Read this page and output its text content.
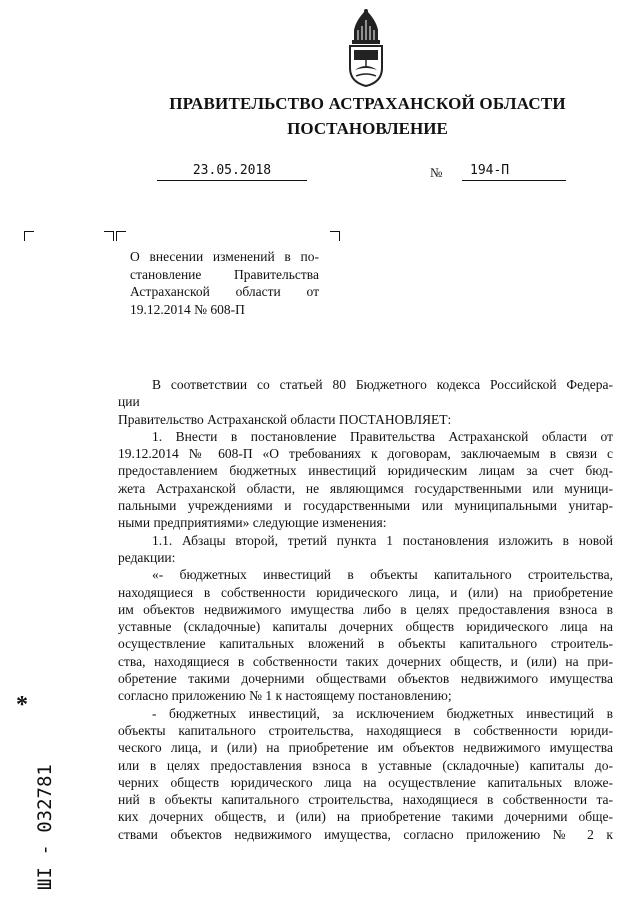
ПРАВИТЕЛЬСТВО АСТРАХАНСКОЙ ОБЛАСТИ
ПОСТАНОВЛЕНИЕ
23.05.2018	№	194-П

О внесении изменений в по-
становление Правительства
Астраханской области от
19.12.2014 № 608-П

В соответствии со статьей 80 Бюджетного кодекса Российской Федера-
ции
Правительство Астраханской области ПОСТАНОВЛЯЕТ:
1. Внести в постановление Правительства Астраханской области от
19.12.2014 № 608-П «О требованиях к договорам, заключаемым в связи с
предоставлением бюджетных инвестиций юридическим лицам за счет бюд-
жета Астраханской области, не являющимся государственными или муници-
пальными учреждениями и государственными или муниципальными унитар-
ными предприятиями» следующие изменения:
1.1. Абзацы второй, третий пункта 1 постановления изложить в новой
редакции:
«- бюджетных инвестиций в объекты капитального строительства,
находящиеся в собственности юридического лица, и (или) на приобретение
им объектов недвижимого имущества либо в целях предоставления взноса в
уставные (складочные) капиталы дочерних обществ юридического лица на
осуществление капитальных вложений в объекты капитального строитель-
ства, находящиеся в собственности таких дочерних обществ, и (или) на при-
обретение такими дочерними обществами объектов недвижимого имущества
согласно приложению № 1 к настоящему постановлению;
- бюджетных инвестиций, за исключением бюджетных инвестиций в
объекты капитального строительства, находящиеся в собственности юриди-
ческого лица, и (или) на приобретение им объектов недвижимого имущества
или в целях предоставления взноса в уставные (складочные) капиталы до-
черних обществ юридического лица на осуществление капитальных вложе-
ний в объекты капитального строительства, находящиеся в собственности та-
ких дочерних обществ, и (или) на приобретение такими дочерними обще-
ствами объектов недвижимого имущества, согласно приложению № 2 к
*
ШI - 032781
